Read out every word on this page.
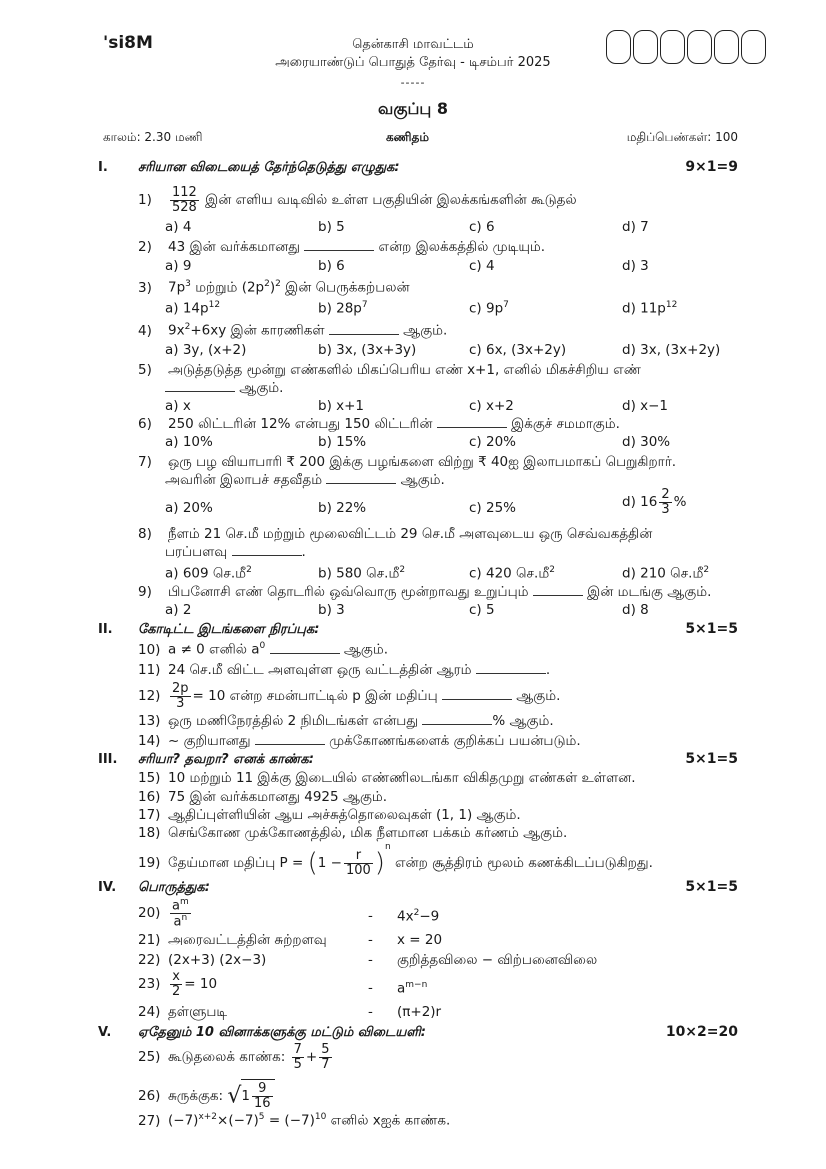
'si8M	தென்காசி மாவட்டம்
அரையாண்டுப் பொதுத் தேர்வு - டிசம்பர் 2025
-----
வகுப்பு 8
காலம்: 2.30 மணி	கணிதம்	மதிப்பெண்கள்: 100
I. சரியான விடையைத் தேர்ந்தெடுத்து எழுதுக:	9×1=9
$1) \frac{112}{528}$ இன் எளிய வடிவில் உள்ள பகுதியின் இலக்கங்களின் கூடுதல்
a) 4	b) 5	c) 6	d) 7
2) 43 இன் வர்க்கமானது	என்ற இலக்கத்தில் முடியும்.
a) 9	b) 6	c) 4	d) 3
3) $7p^3$ மற்றும் $(2p^2)^2$ இன் பெருக்கற்பலன்
a) $14p^{12}$	b) $28p^7$	c) $9p^7$	d) $11p^{12}$
4) $9x^2+6xy$ இன் காரணிகள்	ஆகும்.
a) 3y, (x+2)	b) 3x, (3x+3y)	c) 6x, (3x+2y)	d) 3x, (3x+2y)
5) அடுத்தடுத்த மூன்று எண்களில் மிகப்பெரிய எண் x+1, எனில் மிகச்சிறிய எண்
ஆகும்.
a) x	b) x+1	c) x+2	d) x−1
6) 250 லிட்டரின் 12% என்பது 150 லிட்டரின்	இக்குச் சமமாகும்.
a) 10%	b) 15%	c) 20%	d) 30%
7) ஒரு பழ வியாபாரி ₹ 200 இக்கு பழங்களை விற்று ₹ 40ஐ இலாபமாகப் பெறுகிறார்.
அவரின் இலாபச் சதவீதம்	ஆகும்.
a) 20%	b) 22%	c) 25%	d) $16 \frac{2}{3}$ %
8) நீளம் 21 செ.மீ மற்றும் மூலைவிட்டம் 29 செ.மீ அளவுடைய ஒரு செவ்வகத்தின்
பரப்பளவு	.
a) 609 செ.மீ$^2$	b) 580 செ.மீ$^2$	c) 420 செ.மீ$^2$	d) 210 செ.மீ$^2$
9) பிபனோசி எண் தொடரில் ஒவ்வொரு மூன்றாவது உறுப்பும்	இன் மடங்கு ஆகும்.
a) 2	b) 3	c) 5	d) 8
II. கோடிட்ட இடங்களை நிரப்புக:	5×1=5
10) a ≠ 0 எனில் $a^0$	ஆகும்.
11) 24 செ.மீ விட்ட அளவுள்ள ஒரு வட்டத்தின் ஆரம்	.
$12) \frac{2p}{3} = 10$ என்ற சமன்பாட்டில் p இன் மதிப்பு	ஆகும்.
13) ஒரு மணிநேரத்தில் 2 நிமிடங்கள் என்பது	% ஆகும்.
14) ~ குறியானது	முக்கோணங்களைக் குறிக்கப் பயன்படும்.
III. சரியா? தவறா? எனக் காண்க:	5×1=5
15) 10 மற்றும் 11 இக்கு இடையில் எண்ணிலடங்கா விகிதமுறு எண்கள் உள்ளன.
16) 75 இன் வர்க்கமானது 4925 ஆகும்.
17) ஆதிப்புள்ளியின் ஆய அச்சுத்தொலைவுகள் (1, 1) ஆகும்.
18) செங்கோண முக்கோணத்தில், மிக நீளமான பக்கம் கர்ணம் ஆகும்.
19) தேய்மான மதிப்பு $P = (1 - \frac{r}{100} )^n$ என்ற சூத்திரம் மூலம் கணக்கிடப்படுகிறது.
IV. பொருத்துக:	5×1=5
$20) \frac{a^m}{a^n}$	- $4x^2-9$
21) அரைவட்டத்தின் சுற்றளவு	- x = 20
22) (2x+3) (2x−3)	- குறித்தவிலை − விற்பனைவிலை
$23) \frac{x}{2} = 10$	- $a^{m-n}$
24) தள்ளுபடி	- (π+2)r
V. ஏதேனும் 10 வினாக்களுக்கு மட்டும் விடையளி:	10×2=20
25) கூடுதலைக் காண்க: $\frac{7}{5} + \frac{5}{7}$
26) சுருக்குக: $√1 \frac{9}{16}$
27) $(-7)^{x+2}\times(-7)^5 = (-7)^{10}$ எனில் xஐக் காண்க.
